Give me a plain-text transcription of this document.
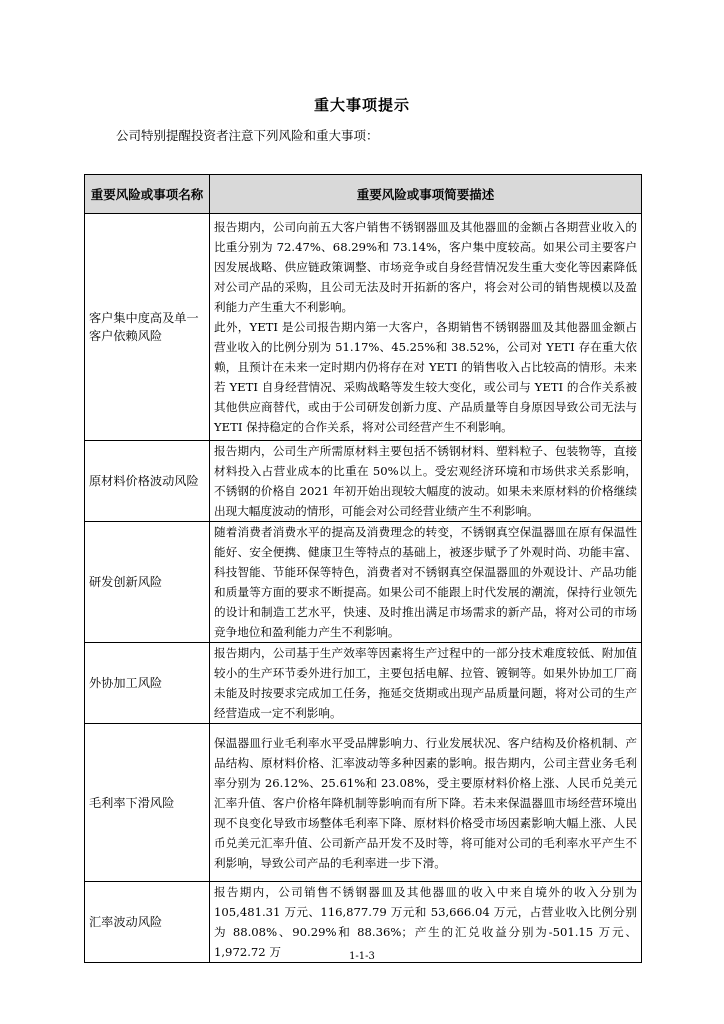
重大事项提示
公司特别提醒投资者注意下列风险和重大事项：
重要风险或事项名称	重要风险或事项简要描述
客户集中度高及单一客户依赖风险	报告期内，公司向前五大客户销售不锈钢器皿及其他器皿的金额占各期营业收入的比重分别为 72.47%、68.29%和 73.14%，客户集中度较高。如果公司主要客户因发展战略、供应链政策调整、市场竞争或自身经营情况发生重大变化等因素降低对公司产品的采购，且公司无法及时开拓新的客户，将会对公司的销售规模以及盈利能力产生重大不利影响。

此外，YETI 是公司报告期内第一大客户，各期销售不锈钢器皿及其他器皿金额占营业收入的比例分别为 51.17%、45.25%和 38.52%，公司对 YETI 存在重大依赖，且预计在未来一定时期内仍将存在对 YETI 的销售收入占比较高的情形。未来若 YETI 自身经营情况、采购战略等发生较大变化，或公司与 YETI 的合作关系被其他供应商替代，或由于公司研发创新力度、产品质量等自身原因导致公司无法与 YETI 保持稳定的合作关系，将对公司经营产生不利影响。

原材料价格波动风险	报告期内，公司生产所需原材料主要包括不锈钢材料、塑料粒子、包装物等，直接材料投入占营业成本的比重在 50%以上。受宏观经济环境和市场供求关系影响，不锈钢的价格自 2021 年初开始出现较大幅度的波动。如果未来原材料的价格继续出现大幅度波动的情形，可能会对公司经营业绩产生不利影响。

研发创新风险	随着消费者消费水平的提高及消费理念的转变，不锈钢真空保温器皿在原有保温性能好、安全便携、健康卫生等特点的基础上，被逐步赋予了外观时尚、功能丰富、科技智能、节能环保等特色，消费者对不锈钢真空保温器皿的外观设计、产品功能和质量等方面的要求不断提高。如果公司不能跟上时代发展的潮流，保持行业领先的设计和制造工艺水平，快速、及时推出满足市场需求的新产品，将对公司的市场竞争地位和盈利能力产生不利影响。

外协加工风险	报告期内，公司基于生产效率等因素将生产过程中的一部分技术难度较低、附加值较小的生产环节委外进行加工，主要包括电解、拉管、镀铜等。如果外协加工厂商未能及时按要求完成加工任务，拖延交货期或出现产品质量问题，将对公司的生产经营造成一定不利影响。

毛利率下滑风险	保温器皿行业毛利率水平受品牌影响力、行业发展状况、客户结构及价格机制、产品结构、原材料价格、汇率波动等多种因素的影响。报告期内，公司主营业务毛利率分别为 26.12%、25.61%和 23.08%，受主要原材料价格上涨、人民币兑美元汇率升值、客户价格年降机制等影响而有所下降。若未来保温器皿市场经营环境出现不良变化导致市场整体毛利率下降、原材料价格受市场因素影响大幅上涨、人民币兑美元汇率升值、公司新产品开发不及时等，将可能对公司的毛利率水平产生不利影响，导致公司产品的毛利率进一步下滑。

汇率波动风险	报告期内，公司销售不锈钢器皿及其他器皿的收入中来自境外的收入分别为 105,481.31 万元、116,877.79 万元和 53,666.04 万元，占营业收入比例分别为 88.08%、90.29%和 88.36%；产生的汇兑收益分别为-501.15 万元、1,972.72 万	1-1-3
